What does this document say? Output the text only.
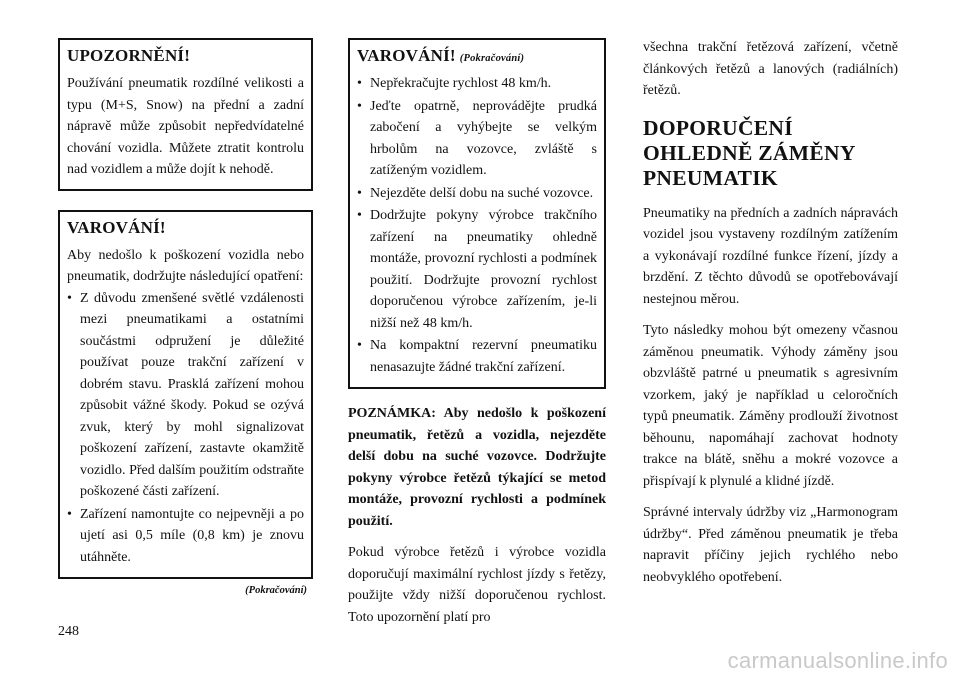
UPOZORNĚNÍ!

Používání pneumatik rozdílné velikosti a typu (M+S, Snow) na přední a zadní nápravě může způsobit nepředvídatelné chování vozidla. Můžete ztratit kontrolu nad vozidlem a může dojít k nehodě.

VAROVÁNÍ!

Aby nedošlo k poškození vozidla nebo pneumatik, dodržujte následující opatření:

• Z důvodu zmenšené světlé vzdálenosti mezi pneumatikami a ostatními součástmi odpružení je důležité používat pouze trakční zařízení v dobrém stavu. Prasklá zařízení mohou způsobit vážné škody. Pokud se ozývá zvuk, který by mohl signalizovat poškození zařízení, zastavte okamžitě vozidlo. Před dalším použitím odstraňte poškozené části zařízení.
• Zařízení namontujte co nejpevněji a po ujetí asi 0,5 míle (0,8 km) je znovu utáhněte.
(Pokračování)
VAROVÁNÍ! (Pokračování)
• Nepřekračujte rychlost 48 km/h.
• Jeďte opatrně, neprovádějte prudká zabočení a vyhýbejte se velkým hrbolům na vozovce, zvláště s zatíženým vozidlem.
• Nejezděte delší dobu na suché vozovce.
• Dodržujte pokyny výrobce trakčního zařízení na pneumatiky ohledně montáže, provozní rychlosti a podmínek použití. Dodržujte provozní rychlost doporučenou výrobce zařízením, je-li nižší než 48 km/h.
• Na kompaktní rezervní pneumatiku nenasazujte žádné trakční zařízení.
POZNÁMKA: Aby nedošlo k poškození pneumatik, řetězů a vozidla, nejezděte delší dobu na suché vozovce. Dodržujte pokyny výrobce řetězů týkající se metod montáže, provozní rychlosti a podmínek použití.

Pokud výrobce řetězů i výrobce vozidla doporučují maximální rychlost jízdy s řetězy, použijte vždy nižší doporučenou rychlost. Toto upozornění platí pro

všechna trakční řetězová zařízení, včetně článkových řetězů a lanových (radiálních) řetězů.

DOPORUČENÍ OHLEDNĚ ZÁMĚNY PNEUMATIK

Pneumatiky na předních a zadních nápravách vozidel jsou vystaveny rozdílným zatížením a vykonávají rozdílné funkce řízení, jízdy a brzdění. Z těchto důvodů se opotřebovávají nestejnou měrou.

Tyto následky mohou být omezeny včasnou záměnou pneumatik. Výhody záměny jsou obzvláště patrné u pneumatik s agresivním vzorkem, jaký je například u celoročních typů pneumatik. Záměny prodlouží životnost běhounu, napomáhají zachovat hodnoty trakce na blátě, sněhu a mokré vozovce a přispívají k plynulé a klidné jízdě.

Správné intervaly údržby viz „Harmonogram údržby“. Před záměnou pneumatik je třeba napravit příčiny jejich rychlého nebo neobvyklého opotřebení.

248
carmanualsonline.info
